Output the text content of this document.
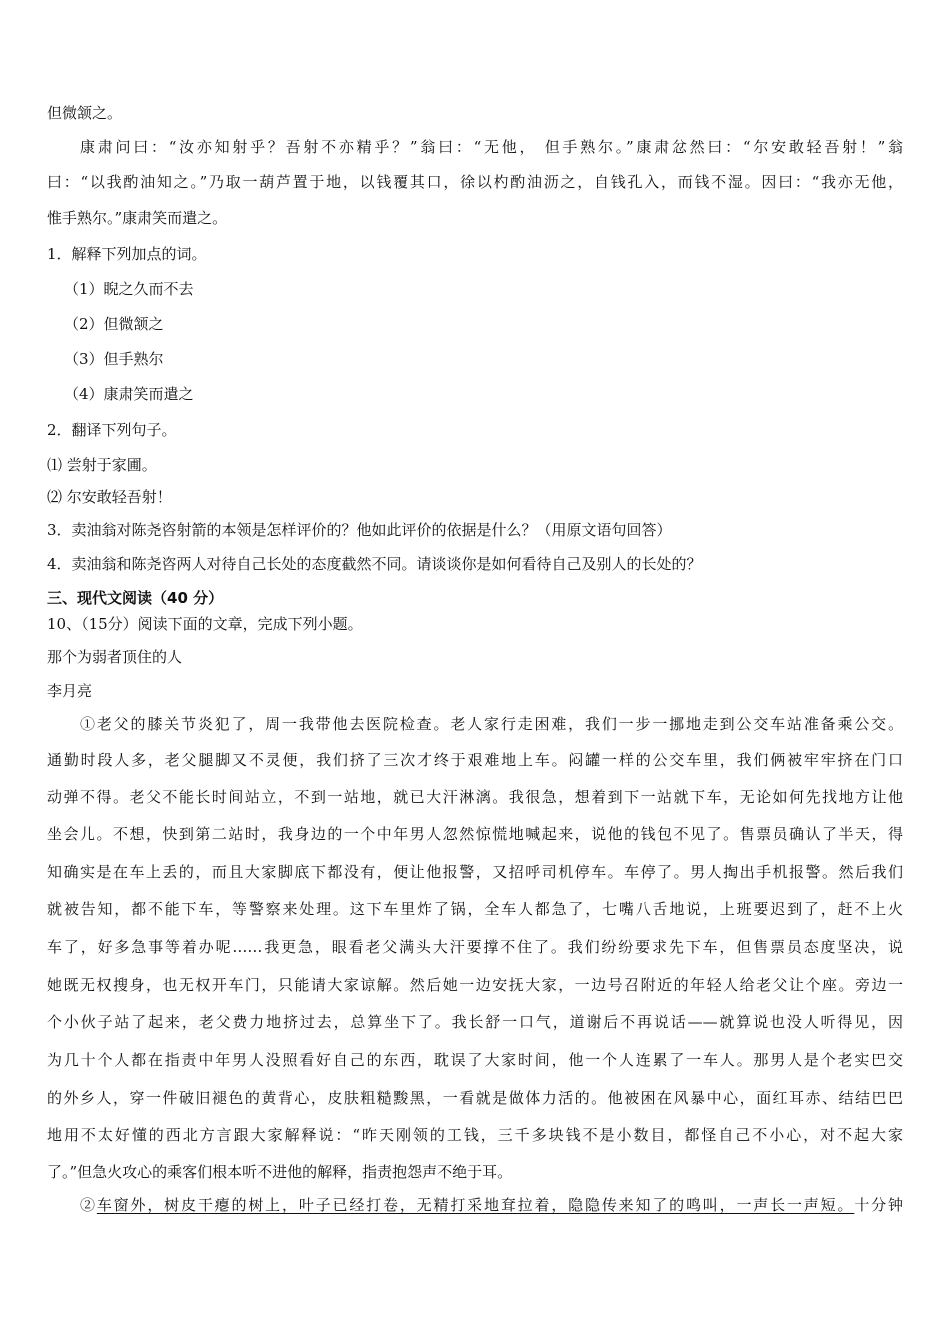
但微颔之。
康肃问曰：“汝亦知射乎？吾射不亦精乎？”翁曰：“无他， 但手熟尔。”康肃忿然曰：“尔安敢轻吾射！”翁
曰：“以我酌油知之。”乃取一葫芦置于地，以钱覆其口，徐以杓酌油沥之，自钱孔入，而钱不湿。因曰：“我亦无他，
惟手熟尔。”康肃笑而遣之。
1．解释下列加点的词。
（1）睨之久而不去
（2）但微颔之
（3）但手熟尔
（4）康肃笑而遣之
2．翻译下列句子。
⑴ 尝射于家圃。
⑵ 尔安敢轻吾射！
3．卖油翁对陈尧咨射箭的本领是怎样评价的？他如此评价的依据是什么？（用原文语句回答）
4．卖油翁和陈尧咨两人对待自己长处的态度截然不同。请谈谈你是如何看待自己及别人的长处的？
三、现代文阅读（40 分）
10、（15分）阅读下面的文章，完成下列小题。
那个为弱者顶住的人
李月亮
①老父的膝关节炎犯了，周一我带他去医院检查。老人家行走困难，我们一步一挪地走到公交车站准备乘公交。
通勤时段人多，老父腿脚又不灵便，我们挤了三次才终于艰难地上车。闷罐一样的公交车里，我们俩被牢牢挤在门口
动弹不得。老父不能长时间站立，不到一站地，就已大汗淋漓。我很急，想着到下一站就下车，无论如何先找地方让他
坐会儿。不想，快到第二站时，我身边的一个中年男人忽然惊慌地喊起来，说他的钱包不见了。售票员确认了半天，得
知确实是在车上丢的，而且大家脚底下都没有，便让他报警，又招呼司机停车。车停了。男人掏出手机报警。然后我们
就被告知，都不能下车，等警察来处理。这下车里炸了锅，全车人都急了，七嘴八舌地说，上班要迟到了，赶不上火
车了，好多急事等着办呢……我更急，眼看老父满头大汗要撑不住了。我们纷纷要求先下车，但售票员态度坚决，说
她既无权搜身，也无权开车门，只能请大家谅解。然后她一边安抚大家，一边号召附近的年轻人给老父让个座。旁边一
个小伙子站了起来，老父费力地挤过去，总算坐下了。我长舒一口气，道谢后不再说话——就算说也没人听得见，因
为几十个人都在指责中年男人没照看好自己的东西，耽误了大家时间，他一个人连累了一车人。那男人是个老实巴交
的外乡人，穿一件破旧褪色的黄背心，皮肤粗糙黢黑，一看就是做体力活的。他被困在风暴中心，面红耳赤、结结巴巴
地用不太好懂的西北方言跟大家解释说：“昨天刚领的工钱，三千多块钱不是小数目，都怪自己不小心，对不起大家
了。”但急火攻心的乘客们根本听不进他的解释，指责抱怨声不绝于耳。
②车窗外，树皮干瘪的树上，叶子已经打卷，无精打采地耷拉着，隐隐传来知了的鸣叫，一声长一声短。十分钟
